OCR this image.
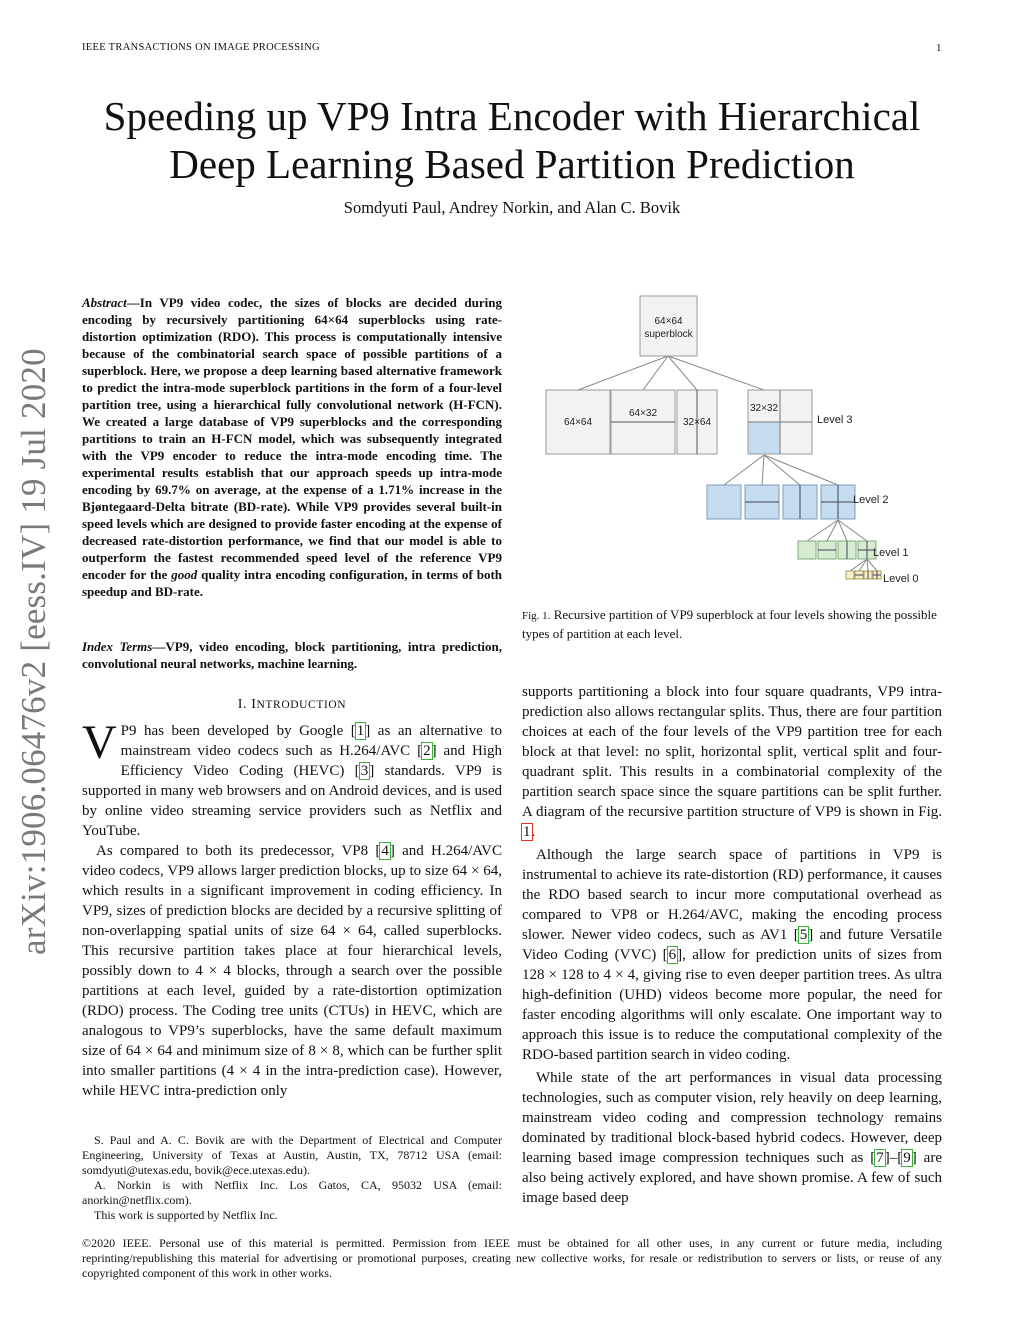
IEEE TRANSACTIONS ON IMAGE PROCESSING	1
Speeding up VP9 Intra Encoder with Hierarchical
Deep Learning Based Partition Prediction
Somdyuti Paul, Andrey Norkin, and Alan C. Bovik
arXiv:1906.06476v2 [eess.IV] 19 Jul 2020
Abstract—In VP9 video codec, the sizes of blocks are decided during encoding by recursively partitioning 64×64 superblocks using rate-distortion optimization (RDO). This process is computationally intensive because of the combinatorial search space of possible partitions of a superblock. Here, we propose a deep learning based alternative framework to predict the intra-mode superblock partitions in the form of a four-level partition tree, using a hierarchical fully convolutional network (H-FCN). We created a large database of VP9 superblocks and the corresponding partitions to train an H-FCN model, which was subsequently integrated with the VP9 encoder to reduce the intra-mode encoding time. The experimental results establish that our approach speeds up intra-mode encoding by 69.7% on average, at the expense of a 1.71% increase in the Bjøntegaard-Delta bitrate (BD-rate). While VP9 provides several built-in speed levels which are designed to provide faster encoding at the expense of decreased rate-distortion performance, we find that our model is able to outperform the fastest recommended speed level of the reference VP9 encoder for the good quality intra encoding configuration, in terms of both speedup and BD-rate.
Index Terms—VP9, video encoding, block partitioning, intra prediction, convolutional neural networks, machine learning.
I. INTRODUCTION

V P9 has been developed by Google [1] as an alternative to mainstream video codecs such as H.264/AVC [2] and High Efficiency Video Coding (HEVC) [3] standards. VP9 is supported in many web browsers and on Android devices, and is used by online video streaming service providers such as Netflix and YouTube.

As compared to both its predecessor, VP8 [4] and H.264/AVC video codecs, VP9 allows larger prediction blocks, up to size 64 × 64, which results in a significant improvement in coding efficiency. In VP9, sizes of prediction blocks are decided by a recursive splitting of non-overlapping spatial units of size 64 × 64, called superblocks. This recursive partition takes place at four hierarchical levels, possibly down to 4 × 4 blocks, through a search over the possible partitions at each level, guided by a rate-distortion optimization (RDO) process. The Coding tree units (CTUs) in HEVC, which are analogous to VP9’s superblocks, have the same default maximum size of 64 × 64 and minimum size of 8 × 8, which can be further split into smaller partitions (4 × 4 in the intra-prediction case). However, while HEVC intra-prediction only

S. Paul and A. C. Bovik are with the Department of Electrical and Computer Engineering, University of Texas at Austin, Austin, TX, 78712 USA (email: somdyuti@utexas.edu, bovik@ece.utexas.edu).

A. Norkin is with Netflix Inc. Los Gatos, CA, 95032 USA (email: anorkin@netflix.com).

This work is supported by Netflix Inc.

64×64
superblock
64×64
64×32
32×64
32×32
Level 3
Level 2
Level 1
Level 0
Fig. 1. Recursive partition of VP9 superblock at four levels showing the possible types of partition at each level.

supports partitioning a block into four square quadrants, VP9 intra-prediction also allows rectangular splits. Thus, there are four partition choices at each of the four levels of the VP9 partition tree for each block at that level: no split, horizontal split, vertical split and four-quadrant split. This results in a combinatorial complexity of the partition search space since the square partitions can be split further. A diagram of the recursive partition structure of VP9 is shown in Fig. 1.

Although the large search space of partitions in VP9 is instrumental to achieve its rate-distortion (RD) performance, it causes the RDO based search to incur more computational overhead as compared to VP8 or H.264/AVC, making the encoding process slower. Newer video codecs, such as AV1 [5] and future Versatile Video Coding (VVC) [6], allow for prediction units of sizes from 128 × 128 to 4 × 4, giving rise to even deeper partition trees. As ultra high-definition (UHD) videos become more popular, the need for faster encoding algorithms will only escalate. One important way to approach this issue is to reduce the computational complexity of the RDO-based partition search in video coding.

While state of the art performances in visual data processing technologies, such as computer vision, rely heavily on deep learning, mainstream video coding and compression technology remains dominated by traditional block-based hybrid codecs. However, deep learning based image compression techniques such as [7]–[9] are also being actively explored, and have shown promise. A few of such image based deep

©2020 IEEE. Personal use of this material is permitted. Permission from IEEE must be obtained for all other uses, in any current or future media, including reprinting/republishing this material for advertising or promotional purposes, creating new collective works, for resale or redistribution to servers or lists, or reuse of any copyrighted component of this work in other works.
